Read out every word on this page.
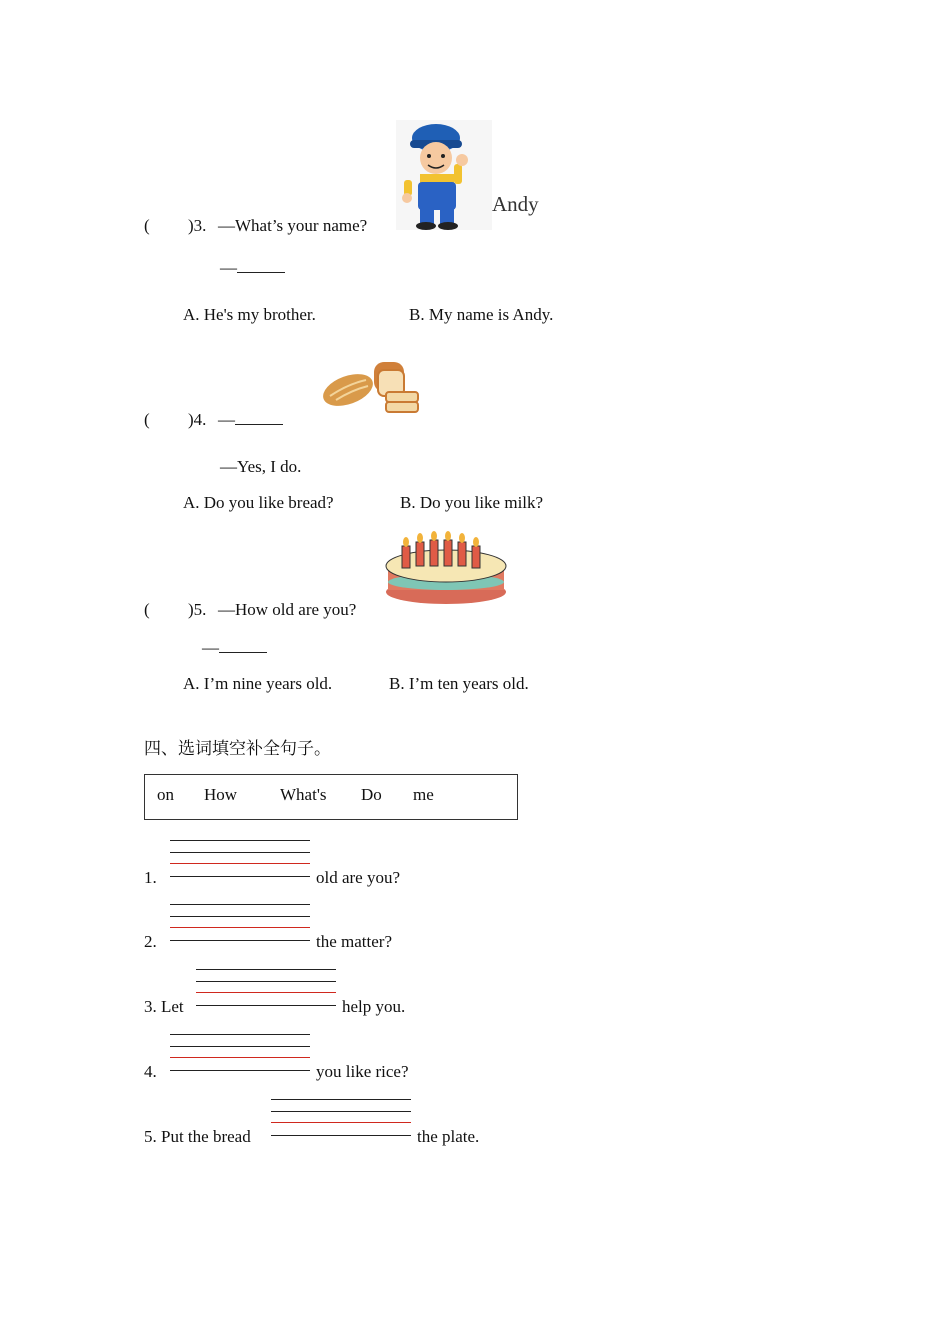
( )3. —What’s your name?
Andy
—
A. He's my brother.	B. My name is Andy.
( )4. —
—Yes, I do.
A. Do you like bread?	B. Do you like milk?
( )5. —How old are you?
—
A. I’m nine years old.	B. I’m ten years old.
四、选词填空补全句子。
on How	What's Do me
1.	old are you?
2.	the matter?
3. Let	help you.
4.	you like rice?
5. Put the bread	the plate.
